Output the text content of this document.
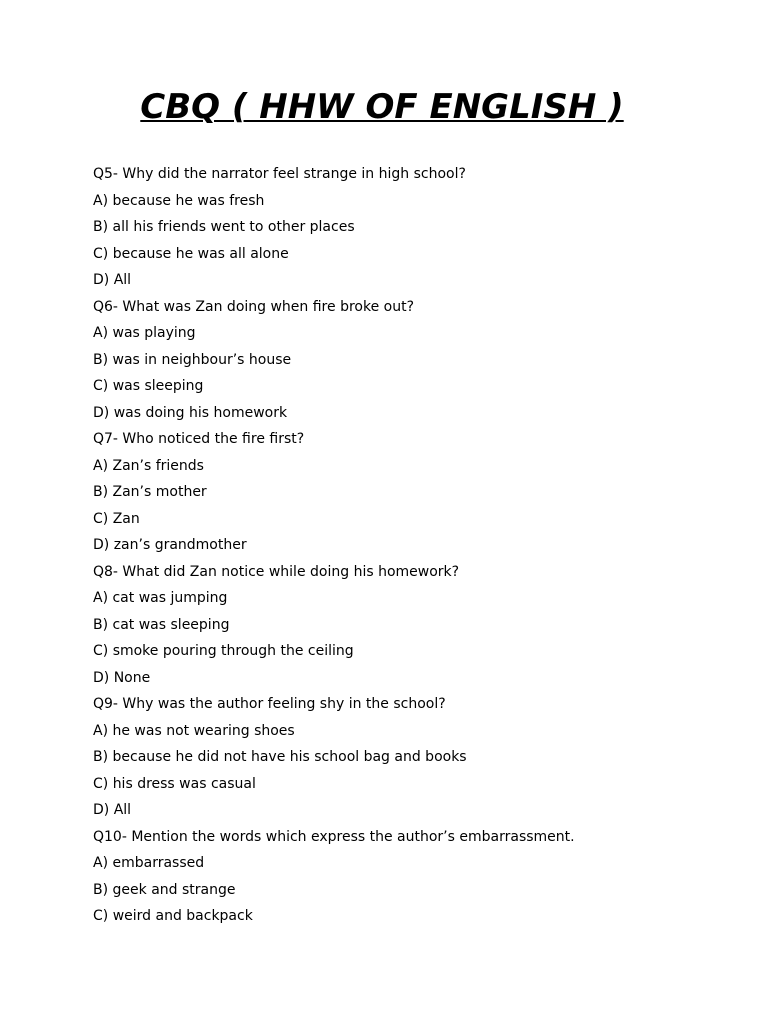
CBQ ( HHW OF ENGLISH )
Q5- Why did the narrator feel strange in high school?
A) because he was fresh
B) all his friends went to other places
C) because he was all alone
D) All
Q6- What was Zan doing when fire broke out?
A) was playing
B) was in neighbour’s house
C) was sleeping
D) was doing his homework
Q7- Who noticed the fire first?
A) Zan’s friends
B) Zan’s mother
C) Zan
D) zan’s grandmother
Q8- What did Zan notice while doing his homework?
A) cat was jumping
B) cat was sleeping
C) smoke pouring through the ceiling
D) None
Q9- Why was the author feeling shy in the school?
A) he was not wearing shoes
B) because he did not have his school bag and books
C) his dress was casual
D) All
Q10- Mention the words which express the author’s embarrassment.
A) embarrassed
B) geek and strange
C) weird and backpack
